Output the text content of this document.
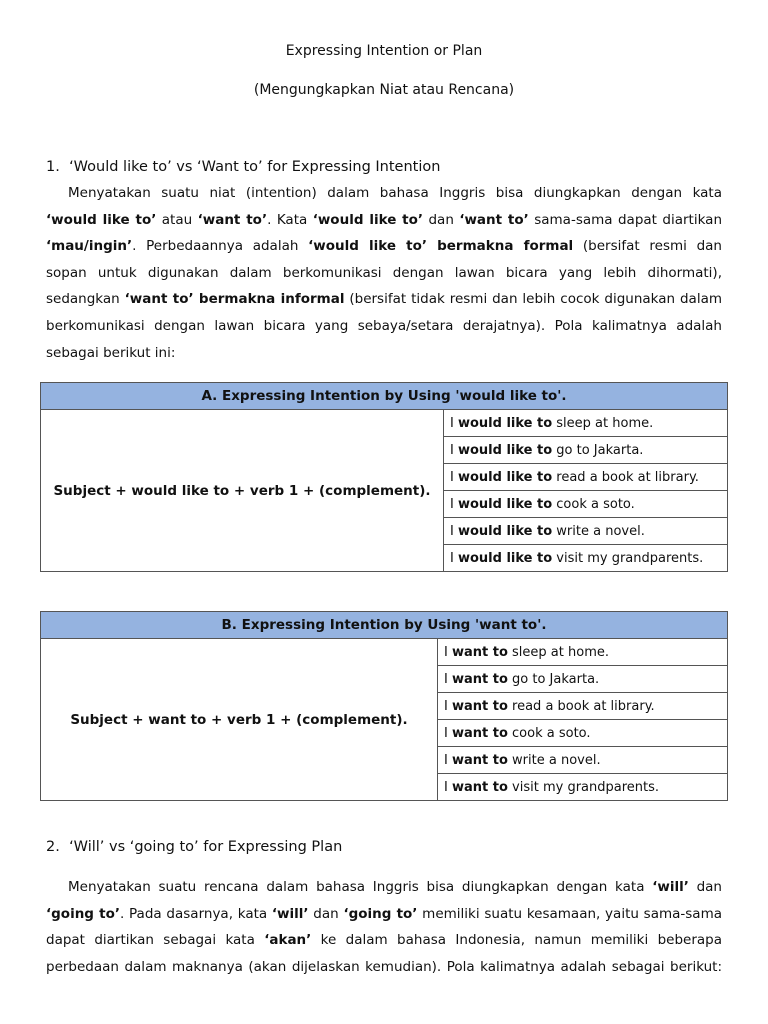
Expressing Intention or Plan
(Mengungkapkan Niat atau Rencana)
1. ‘Would like to’ vs ‘Want to’ for Expressing Intention
Menyatakan suatu niat (intention) dalam bahasa Inggris bisa diungkapkan dengan kata
‘would like to’ atau ‘want to’. Kata ‘would like to’ dan ‘want to’ sama-sama dapat diartikan
‘mau/ingin’. Perbedaannya adalah ‘would like to’ bermakna formal (bersifat resmi dan
sopan untuk digunakan dalam berkomunikasi dengan lawan bicara yang lebih dihormati),
sedangkan ‘want to’ bermakna informal (bersifat tidak resmi dan lebih cocok digunakan dalam
berkomunikasi dengan lawan bicara yang sebaya/setara derajatnya). Pola kalimatnya adalah
sebagai berikut ini:
A. Expressing Intention by Using 'would like to'.
Subject + would like to + verb 1 + (complement).	I would like to sleep at home.
I would like to go to Jakarta.
I would like to read a book at library.
I would like to cook a soto.
I would like to write a novel.
I would like to visit my grandparents.
B. Expressing Intention by Using 'want to'.
Subject + want to + verb 1 + (complement).	I want to sleep at home.
I want to go to Jakarta.
I want to read a book at library.
I want to cook a soto.
I want to write a novel.
I want to visit my grandparents.
2. ‘Will’ vs ‘going to’ for Expressing Plan
Menyatakan suatu rencana dalam bahasa Inggris bisa diungkapkan dengan kata ‘will’ dan
‘going to’. Pada dasarnya, kata ‘will’ dan ‘going to’ memiliki suatu kesamaan, yaitu sama-sama
dapat diartikan sebagai kata ‘akan’ ke dalam bahasa Indonesia, namun memiliki beberapa
perbedaan dalam maknanya (akan dijelaskan kemudian). Pola kalimatnya adalah sebagai berikut:
